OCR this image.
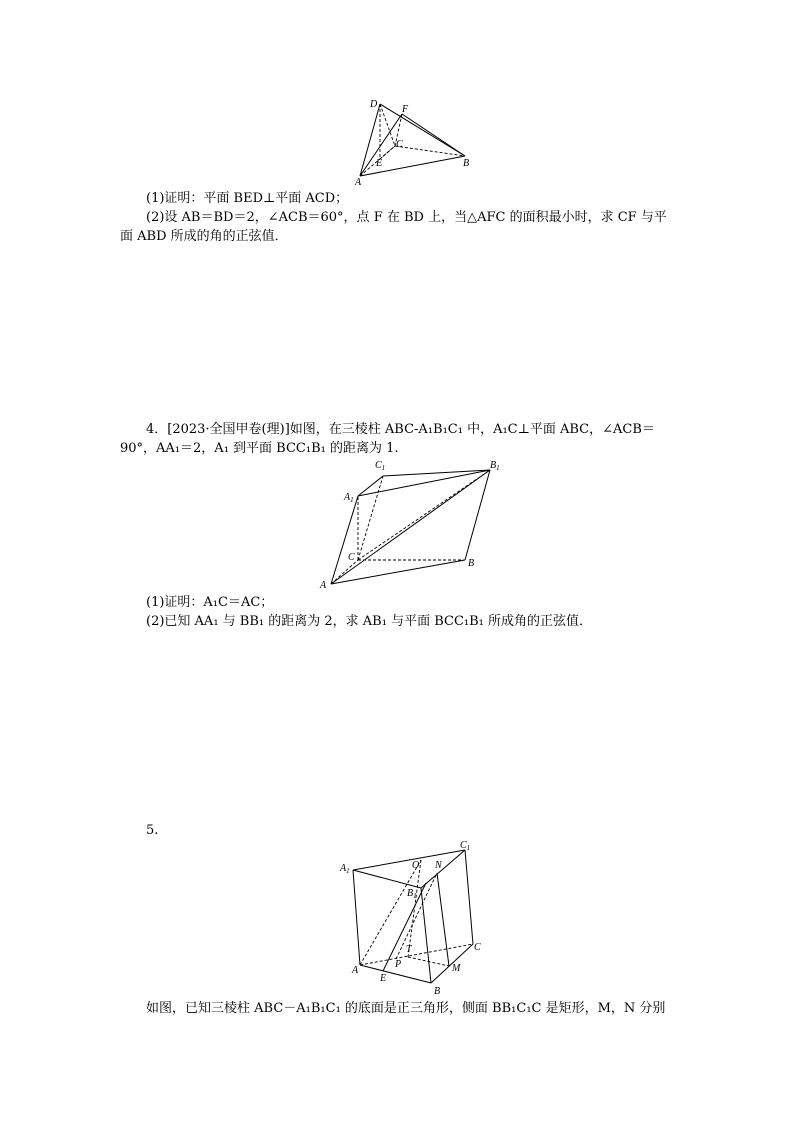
D F
C
E	B
A
(1)证明：平面 BED⊥平面 ACD；
(2)设 AB＝BD＝2，∠ACB＝60°，点 F 在 BD 上，当△AFC 的面积最小时，求 CF 与平
面 ABD 所成的角的正弦值．
4．[2023·全国甲卷(理)]如图，在三棱柱 ABC-A₁B₁C₁ 中，A₁C⊥平面 ABC，∠ACB＝
90°，AA₁＝2，A₁ 到平面 BCC₁B₁ 的距离为 1.
$C_1$	$B_1$
$A_1$
C
B
A
(1)证明：A₁C＝AC；
(2)已知 AA₁ 与 BB₁ 的距离为 2，求 AB₁ 与平面 BCC₁B₁ 所成角的正弦值．
5.
$A_1$	O N
$C_1$
$B_1$
T	C
A
E
P	M
B
如图，已知三棱柱 ABC－A₁B₁C₁ 的底面是正三角形，侧面 BB₁C₁C 是矩形，M，N 分别
